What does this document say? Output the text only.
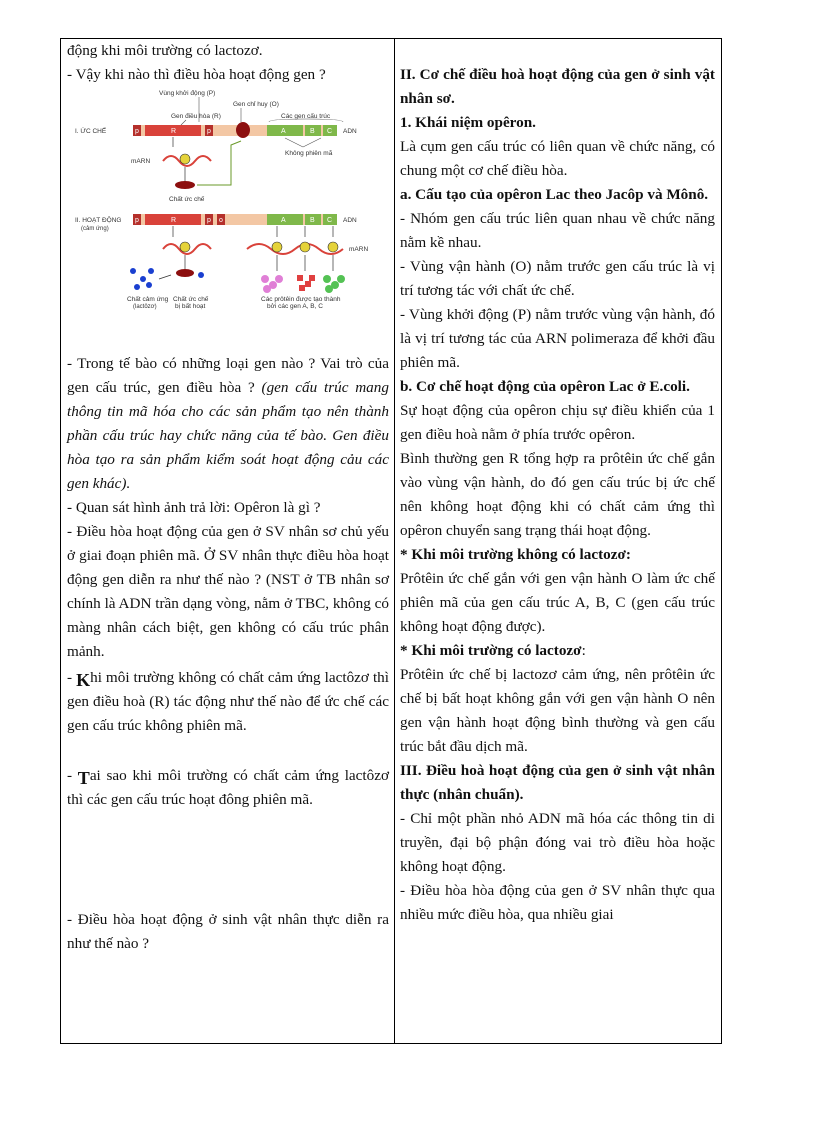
động khi môi trường có lactozơ.

- Vậy khi nào thì điều hòa hoạt động gen ?

Vùng khởi động (P)
Gen chỉ huy (O)
Gen điều hòa (R)	Các gen cấu trúc
I. ỨC CHẾ	p	R	p	A	B C ADN
mARN
Chất ức chế
Không phiên mã
II. HOẠT ĐỘNG
(cảm ứng)
p	R	p o	A	B C ADN
mARN
Chất cảm ứng
(lactôzơ)
Chất ức chế
bị bất hoạt
Các prôtêin được tạo thành
bởi các gen A, B, C

- Trong tế bào có những loại gen nào ? Vai trò của gen cấu trúc, gen điều hòa ? (gen cấu trúc mang thông tin mã hóa cho các sản phẩm tạo nên thành phần cấu trúc hay chức năng của tế bào. Gen điều hòa tạo ra sản phẩm kiểm soát hoạt động cảu các gen khác).

- Quan sát hình ảnh trả lời: Opêron là gì ?

- Điều hòa hoạt động của gen ở SV nhân sơ chủ yếu ở giai đoạn phiên mã. Ở SV nhân thực điều hòa hoạt động gen diễn ra như thế nào ? (NST ở TB nhân sơ chính là ADN trần dạng vòng, nằm ở TBC, không có màng nhân cách biệt, gen không có cấu trúc phân mảnh.

- Khi môi trường không có chất cảm ứng lactôzơ thì gen điều hoà (R) tác động như thế nào để ức chế các gen cấu trúc không phiên mã.

- Tai sao khi môi trường có chất cảm ứng lactôzơ thì các gen cấu trúc hoạt đông phiên mã.

- Điều hòa hoạt động ở sinh vật nhân thực diễn ra như thế nào ?

II. Cơ chế điều hoà hoạt động của gen ở sinh vật nhân sơ.

1. Khái niệm opêron.

Là cụm gen cấu trúc có liên quan về chức năng, có chung một cơ chế điều hòa.

a. Cấu tạo của opêron Lac theo Jacôp và Mônô.

- Nhóm gen cấu trúc liên quan nhau về chức năng nằm kề nhau.

- Vùng vận hành (O) nằm trước gen cấu trúc là vị trí tương tác với chất ức chế.

- Vùng khởi động (P) nằm trước vùng vận hành, đó là vị trí tương tác của ARN polimeraza để khởi đầu phiên mã.

b. Cơ chế hoạt động của opêron Lac ở E.coli.

Sự hoạt động của opêron chịu sự điều khiển của 1 gen điều hoà nằm ở phía trước opêron.

Bình thường gen R tổng hợp ra prôtêin ức chế gắn vào vùng vận hành, do đó gen cấu trúc bị ức chế nên không hoạt động khi có chất cảm ứng thì opêron chuyển sang trạng thái hoạt động.

* Khi môi trường không có lactozơ:

Prôtêin ức chế gắn với gen vận hành O làm ức chế phiên mã của gen cấu trúc A, B, C (gen cấu trúc không hoạt động được).

* Khi môi trường có lactozơ:

Prôtêin ức chế bị lactozơ cảm ứng, nên prôtêin ức chế bị bất hoạt không gắn với gen vận hành O nên gen vận hành hoạt động bình thường và gen cấu trúc bắt đầu dịch mã.

III. Điều hoà hoạt động của gen ở sinh vật nhân thực (nhân chuẩn).

- Chỉ một phần nhỏ ADN mã hóa các thông tin di truyền, đại bộ phận đóng vai trò điều hòa hoặc không hoạt động.

- Điều hòa hòa động của gen ở SV nhân thực qua nhiều mức điều hòa, qua nhiều giai
